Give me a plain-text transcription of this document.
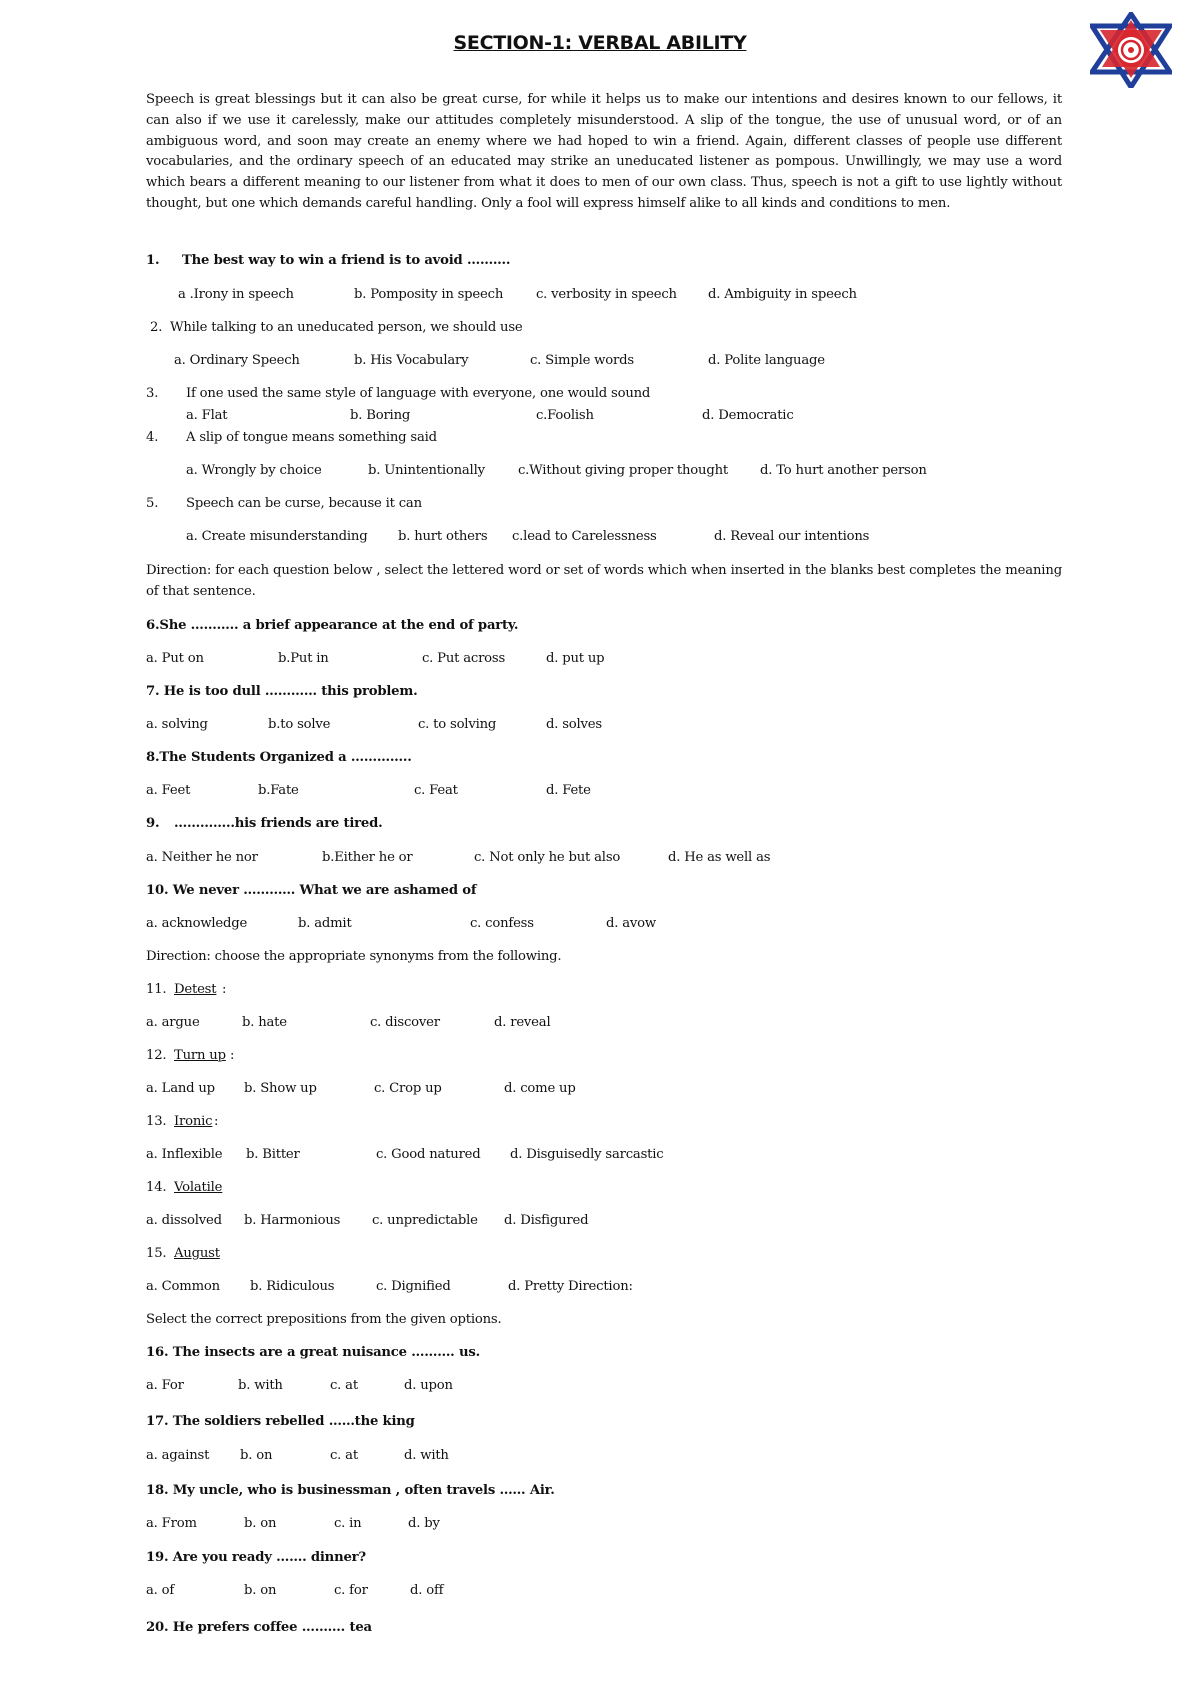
SECTION-1: VERBAL ABILITY
Speech is great blessings but it can also be great curse, for while it helps us to make our intentions and desires known to our fellows, it can also if we use it carelessly, make our attitudes completely misunderstood. A slip of the tongue, the use of unusual word, or of an ambiguous word, and soon may create an enemy where we had hoped to win a friend. Again, different classes of people use different vocabularies, and the ordinary speech of an educated may strike an uneducated listener as pompous. Unwillingly, we may use a word which bears a different meaning to our listener from what it does to men of our own class. Thus, speech is not a gift to use lightly without thought, but one which demands careful handling. Only a fool will express himself alike to all kinds and conditions to men.
1. The best way to win a friend is to avoid ……….
a .Irony in speech	b. Pomposity in speech c. verbosity in speech d. Ambiguity in speech
2. While talking to an uneducated person, we should use
a. Ordinary Speech	b. His Vocabulary	c. Simple words	d. Polite language
3. If one used the same style of language with everyone, one would sound
a. Flat	b. Boring	c.Foolish	d. Democratic
4. A slip of tongue means something said
a. Wrongly by choice	b. Unintentionally	c.Without giving proper thought d. To hurt another person
5. Speech can be curse, because it can
a. Create misunderstanding b. hurt others c.lead to Carelessness	d. Reveal our intentions
Direction: for each question below , select the lettered word or set of words which when inserted in the blanks best completes the meaning of that sentence.
6.She ……….. a brief appearance at the end of party.
a. Put on	b.Put in	c. Put across	d. put up
7. He is too dull ………… this problem.
a. solving	b.to solve	c. to solving	d. solves
8.The Students Organized a …………..
a. Feet	b.Fate	c. Feat	d. Fete
9. …………..his friends are tired.
a. Neither he nor	b.Either he or	c. Not only he but also	d. He as well as
10. We never ………… What we are ashamed of
a. acknowledge	b. admit	c. confess	d. avow
Direction: choose the appropriate synonyms from the following.
11. Detest :
a. argue	b. hate	c. discover	d. reveal
12. Turn up :
a. Land up b. Show up	c. Crop up	d. come up
13. Ironic :
a. Inflexible b. Bitter	c. Good natured d. Disguisedly sarcastic
14. Volatile
a. dissolved b. Harmonious c. unpredictable d. Disfigured
15. August
a. Common b. Ridiculous	c. Dignified	d. Pretty Direction:
Select the correct prepositions from the given options.
16. The insects are a great nuisance ………. us.
a. For	b. with	c. at	d. upon
17. The soldiers rebelled ……the king
a. against b. on	c. at	d. with
18. My uncle, who is businessman , often travels …… Air.
a. From	b. on	c. in	d. by
19. Are you ready ……. dinner?
a. of	b. on	c. for	d. off
20. He prefers coffee ………. tea
